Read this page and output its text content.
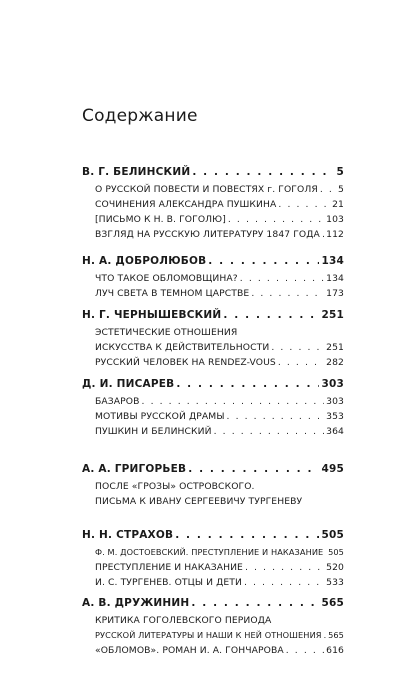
Содержание
В. Г. БЕЛИНСКИЙ . . .	5
О РУССКОЙ ПОВЕСТИ И ПОВЕСТЯХ г. ГОГОЛЯ . . . 5
СОЧИНЕНИЯ АЛЕКСАНДРА ПУШКИНА . . .	21
[ПИСЬМО К Н. В. ГОГОЛЮ] . . .	103
ВЗГЛЯД НА РУССКУЮ ЛИТЕРАТУРУ 1847 ГОДА . . . 112
Н. А. ДОБРОЛЮБОВ . . .	134
ЧТО ТАКОЕ ОБЛОМОВЩИНА? . . .	134
ЛУЧ СВЕТА В ТЕМНОМ ЦАРСТВЕ . . .	173
Н. Г. ЧЕРНЫШЕВСКИЙ . . .	251
ЭСТЕТИЧЕСКИЕ ОТНОШЕНИЯ
ИСКУССТВА К ДЕЙСТВИТЕЛЬНОСТИ . . .	251
РУССКИЙ ЧЕЛОВЕК НА RENDEZ-VOUS . . .	282
Д. И. ПИСАРЕВ . . .	303
БАЗАРОВ . . .	303
МОТИВЫ РУССКОЙ ДРАМЫ . . .	353
ПУШКИН И БЕЛИНСКИЙ . . .	364
А. А. ГРИГОРЬЕВ . . .	495
ПОСЛЕ «ГРОЗЫ» ОСТРОВСКОГО.
ПИСЬМА К ИВАНУ СЕРГЕЕВИЧУ ТУРГЕНЕВУ
Н. Н. СТРАХОВ . . .	505
Ф. М. ДОСТОЕВСКИЙ. ПРЕСТУПЛЕНИЕ И НАКАЗАНИЕ . . . 505
ПРЕСТУПЛЕНИЕ И НАКАЗАНИЕ . . .	520
И. С. ТУРГЕНЕВ. ОТЦЫ И ДЕТИ . . .	533
А. В. ДРУЖИНИН . . .	565
КРИТИКА ГОГОЛЕВСКОГО ПЕРИОДА
РУССКОЙ ЛИТЕРАТУРЫ И НАШИ К НЕЙ ОТНОШЕНИЯ . . . 565
«ОБЛОМОВ». РОМАН И. А. ГОНЧАРОВА . . .	616
